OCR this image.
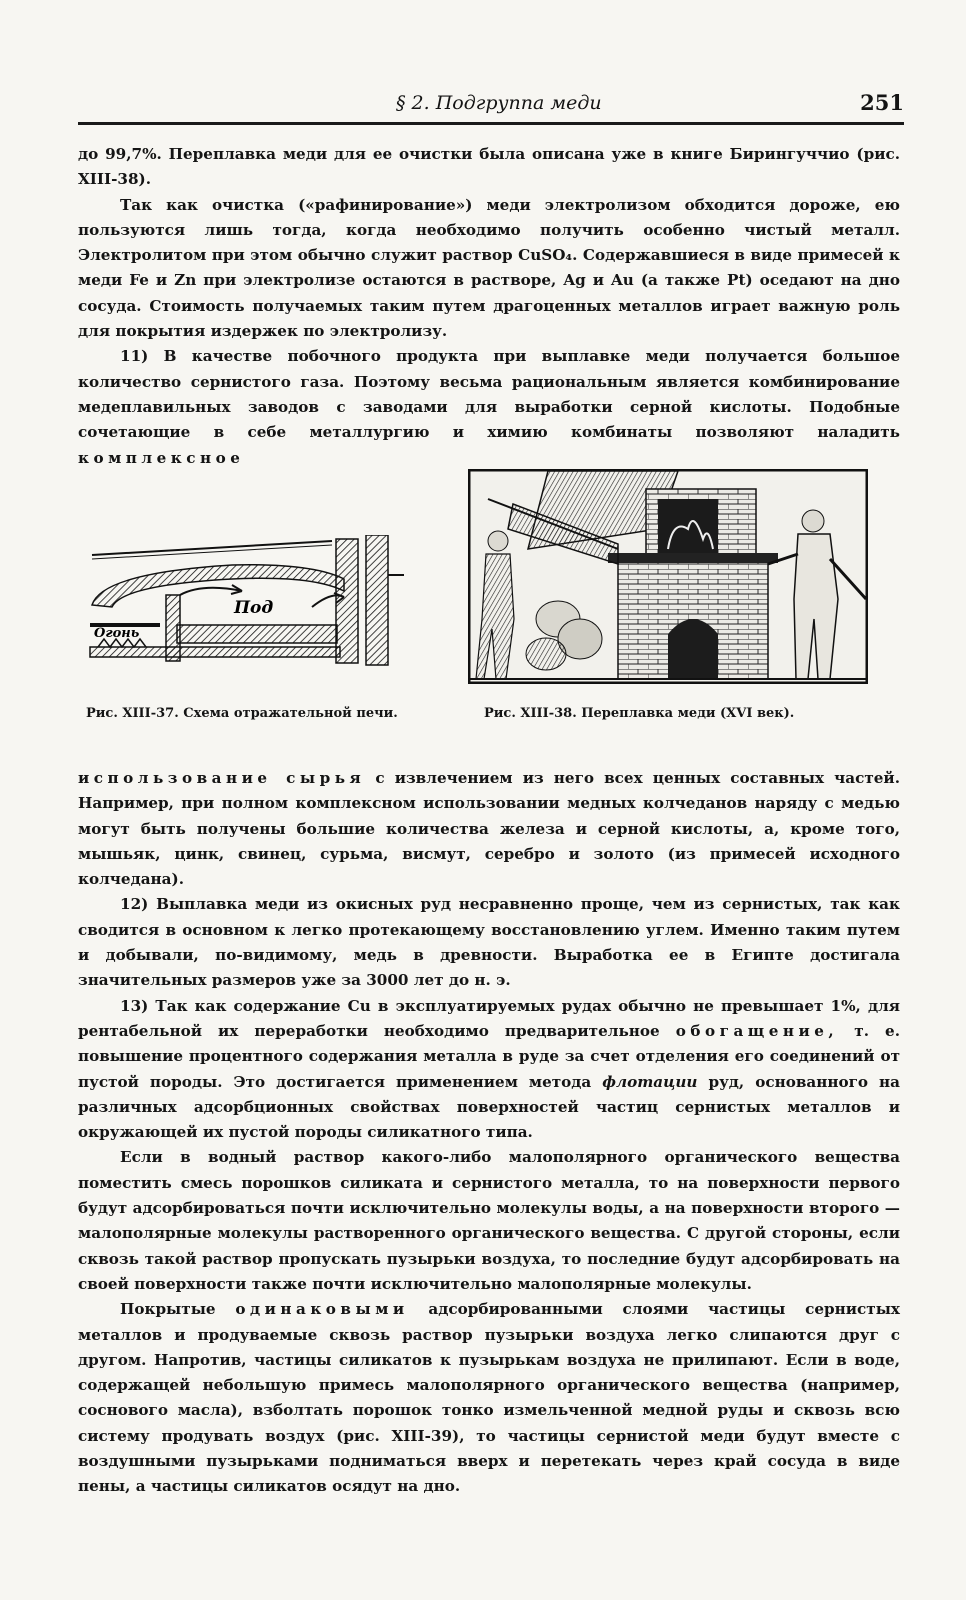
§ 2. Подгруппа меди	251

до 99,7%. Переплавка меди для ее очистки была описана уже в книге Бирингуччио (рис. XIII-38).

Так как очистка («рафинирование») меди электролизом обходится дороже, ею пользуются лишь тогда, когда необходимо получить особенно чистый металл. Электролитом при этом обычно служит раствор CuSO₄. Содержавшиеся в виде примесей к меди Fe и Zn при электролизе остаются в растворе, Ag и Au (а также Pt) оседают на дно сосуда. Стоимость получаемых таким путем драгоценных металлов играет важную роль для покрытия издержек по электролизу.

11) В качестве побочного продукта при выплавке меди получается большое количество сернистого газа. Поэтому весьма рациональным является комбинирование медеплавильных заводов с заводами для выработки серной кислоты. Подобные сочетающие в себе металлургию и химию комбинаты позволяют наладить комплексное

Под
Огонь
Рис. XIII-37. Схема отражательной печи.	Рис. XIII-38. Переплавка меди (XVI век).

использование сырья с извлечением из него всех ценных составных частей. Например, при полном комплексном использовании медных колчеданов наряду с медью могут быть получены большие количества железа и серной кислоты, а, кроме того, мышьяк, цинк, свинец, сурьма, висмут, серебро и золото (из примесей исходного колчедана).

12) Выплавка меди из окисных руд несравненно проще, чем из сернистых, так как сводится в основном к легко протекающему восстановлению углем. Именно таким путем и добывали, по-видимому, медь в древности. Выработка ее в Египте достигала значительных размеров уже за 3000 лет до н. э.

13) Так как содержание Cu в эксплуатируемых рудах обычно не превышает 1%, для рентабельной их переработки необходимо предварительное обогащение, т. е. повышение процентного содержания металла в руде за счет отделения его соединений от пустой породы. Это достигается применением метода флотации руд, основанного на различных адсорбционных свойствах поверхностей частиц сернистых металлов и окружающей их пустой породы силикатного типа.

Если в водный раствор какого-либо малополярного органического вещества поместить смесь порошков силиката и сернистого металла, то на поверхности первого будут адсорбироваться почти исключительно молекулы воды, а на поверхности второго — малополярные молекулы растворенного органического вещества. С другой стороны, если сквозь такой раствор пропускать пузырьки воздуха, то последние будут адсорбировать на своей поверхности также почти исключительно малополярные молекулы.

Покрытые одинаковыми адсорбированными слоями частицы сернистых металлов и продуваемые сквозь раствор пузырьки воздуха легко слипаются друг с другом. Напротив, частицы силикатов к пузырькам воздуха не прилипают. Если в воде, содержащей небольшую примесь малополярного органического вещества (например, соснового масла), взболтать порошок тонко измельченной медной руды и сквозь всю систему продувать воздух (рис. XIII-39), то частицы сернистой меди будут вместе с воздушными пузырьками подниматься вверх и перетекать через край сосуда в виде пены, а частицы силикатов осядут на дно.
